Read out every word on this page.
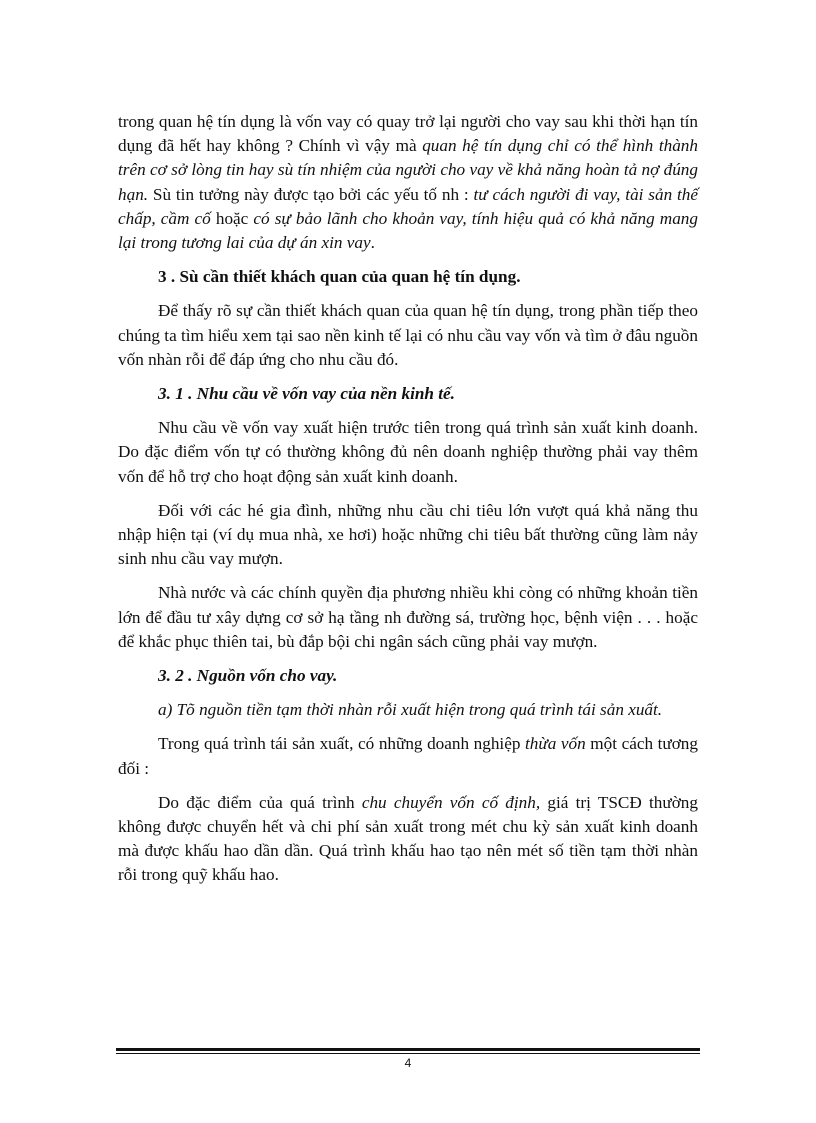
trong quan hệ tín dụng là vốn vay có quay trở lại người cho vay sau khi thời hạn tín dụng đã hết hay không ? Chính vì vậy mà quan hệ tín dụng chỉ có thể hình thành trên cơ sở lòng tin hay sù tín nhiệm của người cho vay về khả năng hoàn tả nợ đúng hạn. Sù tin tưởng này được tạo bởi các yếu tố nh : tư cách người đi vay, tài sản thế chấp, cầm cố hoặc có sự bảo lãnh cho khoản vay, tính hiệu quả có khả năng mang lại trong tương lai của dự án xin vay.

3 . Sù cần thiết khách quan của quan hệ tín dụng.

Để thấy rõ sự cần thiết khách quan của quan hệ tín dụng, trong phần tiếp theo chúng ta tìm hiểu xem tại sao nền kinh tế lại có nhu cầu vay vốn và tìm ở đâu nguồn vốn nhàn rỗi để đáp ứng cho nhu cầu đó.

3. 1 . Nhu cầu về vốn vay của nền kinh tế.

Nhu cầu về vốn vay xuất hiện trước tiên trong quá trình sản xuất kinh doanh. Do đặc điểm vốn tự có thường không đủ nên doanh nghiệp thường phải vay thêm vốn để hỗ trợ cho hoạt động sản xuất kinh doanh.

Đối với các hé gia đình, những nhu cầu chi tiêu lớn vượt quá khả năng thu nhập hiện tại (ví dụ mua nhà, xe hơi) hoặc những chi tiêu bất thường cũng làm nảy sinh nhu cầu vay mượn.

Nhà nước và các chính quyền địa phương nhiều khi còng có những khoản tiền lớn để đầu tư xây dựng cơ sở hạ tầng nh đường sá, trường học, bệnh viện . . . hoặc để khắc phục thiên tai, bù đắp bội chi ngân sách cũng phải vay mượn.

3. 2 . Nguồn vốn cho vay.

a) Tõ nguồn tiền tạm thời nhàn rỗi xuất hiện trong quá trình tái sản xuất.

Trong quá trình tái sản xuất, có những doanh nghiệp thừa vốn một cách tương đối :

Do đặc điểm của quá trình chu chuyển vốn cố định, giá trị TSCĐ thường không được chuyển hết và chi phí sản xuất trong mét chu kỳ sản xuất kinh doanh mà được khấu hao dần dần. Quá trình khấu hao tạo nên mét số tiền tạm thời nhàn rỗi trong quỹ khấu hao.

4
